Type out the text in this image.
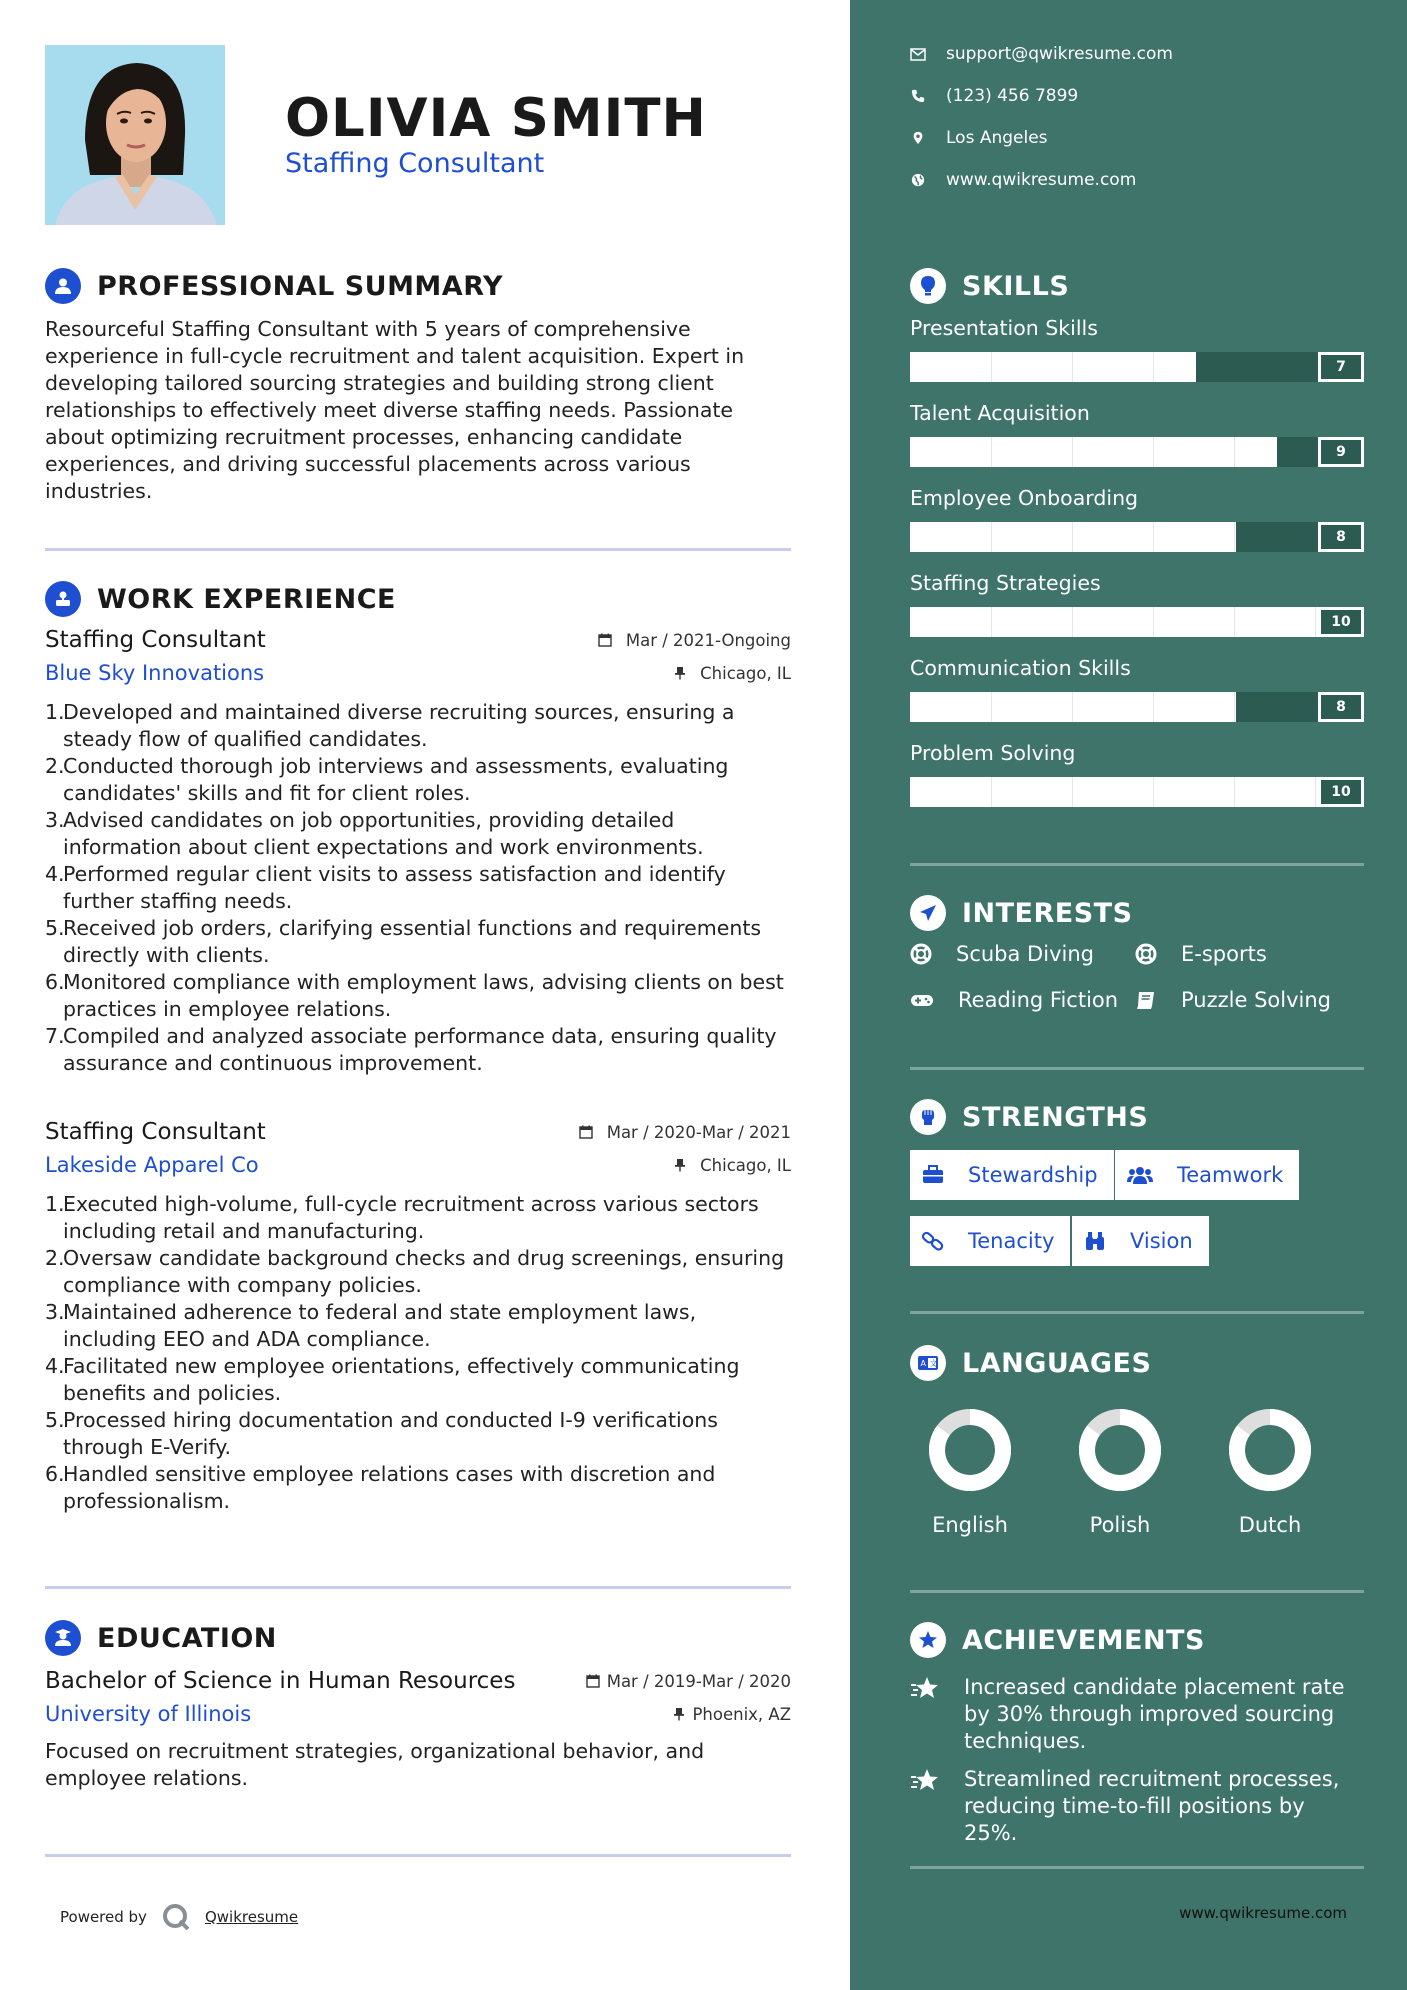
OLIVIA SMITH
Staffing Consultant
PROFESSIONAL SUMMARY
Resourceful Staffing Consultant with 5 years of comprehensive experience in full-cycle recruitment and talent acquisition. Expert in developing tailored sourcing strategies and building strong client relationships to effectively meet diverse staffing needs. Passionate about optimizing recruitment processes, enhancing candidate experiences, and driving successful placements across various industries.
WORK EXPERIENCE
Staffing Consultant	Mar / 2021-Ongoing
Blue Sky Innovations	Chicago, IL
1.
Developed and maintained diverse recruiting sources, ensuring a steady flow of qualified candidates.
2.
Conducted thorough job interviews and assessments, evaluating candidates' skills and fit for client roles.
3.
Advised candidates on job opportunities, providing detailed information about client expectations and work environments.
4.
Performed regular client visits to assess satisfaction and identify further staffing needs.
5.
Received job orders, clarifying essential functions and requirements directly with clients.
6.
Monitored compliance with employment laws, advising clients on best practices in employee relations.
7.
Compiled and analyzed associate performance data, ensuring quality assurance and continuous improvement.
Staffing Consultant	Mar / 2020-Mar / 2021
Lakeside Apparel Co	Chicago, IL
1.
Executed high-volume, full-cycle recruitment across various sectors including retail and manufacturing.
2.
Oversaw candidate background checks and drug screenings, ensuring compliance with company policies.
3.
Maintained adherence to federal and state employment laws, including EEO and ADA compliance.
4.
Facilitated new employee orientations, effectively communicating benefits and policies.
5.
Processed hiring documentation and conducted I-9 verifications through E-Verify.
6.
Handled sensitive employee relations cases with discretion and professionalism.
EDUCATION
Bachelor of Science in Human Resources	Mar / 2019-Mar / 2020
University of Illinois	Phoenix, AZ
Focused on recruitment strategies, organizational behavior, and employee relations.
Powered by	Qwikresume
support@qwikresume.com
(123) 456 7899
Los Angeles
www.qwikresume.com
SKILLS
Presentation Skills
7
Talent Acquisition
9
Employee Onboarding
8
Staffing Strategies
10
Communication Skills
8
Problem Solving
10
INTERESTS
Scuba Diving	E-sports
Reading Fiction	Puzzle Solving
STRENGTHS
Stewardship	Teamwork
Tenacity	Vision
A 文 LANGUAGES
English	Polish	Dutch
ACHIEVEMENTS
Increased candidate placement rate by 30% through improved sourcing techniques.
Streamlined recruitment processes, reducing time-to-fill positions by 25%.
www.qwikresume.com
